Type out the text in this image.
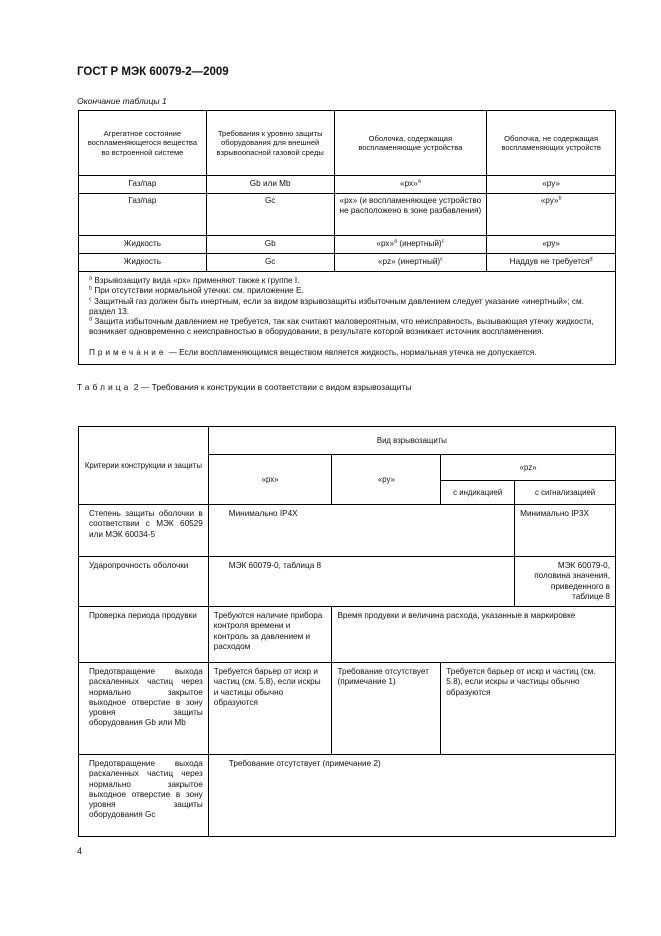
ГОСТ Р МЭК 60079-2—2009
Окончание таблицы 1
Агрегатное состояние воспламеняющегося вещества во встроенной системе	Требования к уровню защиты оборудования для внешней взрывоопасной газовой среды	Оболочка, содержащая воспламеняющие устройства	Оболочка, не содержащая воспламеняющих устройств
Газ/пар	Gb или Mb	«рх»$^a$	«ру»
Газ/пар	Gc	«рх» (и воспламеняющее устройство не расположено в зоне разбавления)	«ру»$^b$
Жидкость	Gb	«рх»$^a$ (инертный)$^c$	«ру»
Жидкость	Gc	«pz» (инертный)$^c$	Наддув не требуется$^d$

$^a$ Взрывозащиту вида «рх» применяют также к группе I.

$^b$ При отсутствии нормальной утечки: см. приложение Е.

$^c$ Защитный газ должен быть инертным, если за видом взрывозащиты избыточным давлением следует указание «инертный»; см. раздел 13.

$^d$ Защита избыточным давлением не требуется, так как считают маловероятным, что неисправность, вызывающая утечку жидкости, возникает одновременно с неисправностью в оборудовании, в результате которой возникает источник воспламенения.

Примечание — Если воспламеняющимся веществом является жидкость, нормальная утечка не допускается.			

Таблица 2 — Требования к конструкции в соответствии с видом взрывозащиты
Критерии конструкции и защиты	Вид взрывозащиты			
	«рх»	«ру»	«pz»	
			с индикацией	с сигнализацией
Степень защиты оболочки в соответствии с МЭК 60529 или МЭК 60034-5	Минимально IP4X			Минимально IP3X
Ударопрочность оболочки	МЭК 60079-0, таблица 8			МЭК 60079-0, половина значения, приведенного в таблице 8
Проверка периода продувки	Требуются наличие прибора контроля времени и контроль за давлением и расходом	Время продувки и величина расхода, указанные в маркировке		
Предотвращение выхода раскаленных частиц через нормально закрытое выходное отверстие в зону уровня защиты оборудования Gb или Mb	Требуется барьер от искр и частиц (см. 5.8), если искры и частицы обычно образуются	Требование отсутствует (примечание 1)	Требуется барьер от искр и частиц (см. 5.8), если искры и частицы обычно образуются	
Предотвращение выхода раскаленных частиц через нормально закрытое выходное отверстие в зону уровня защиты оборудования Gc	Требование отсутствует (примечание 2)			
4
